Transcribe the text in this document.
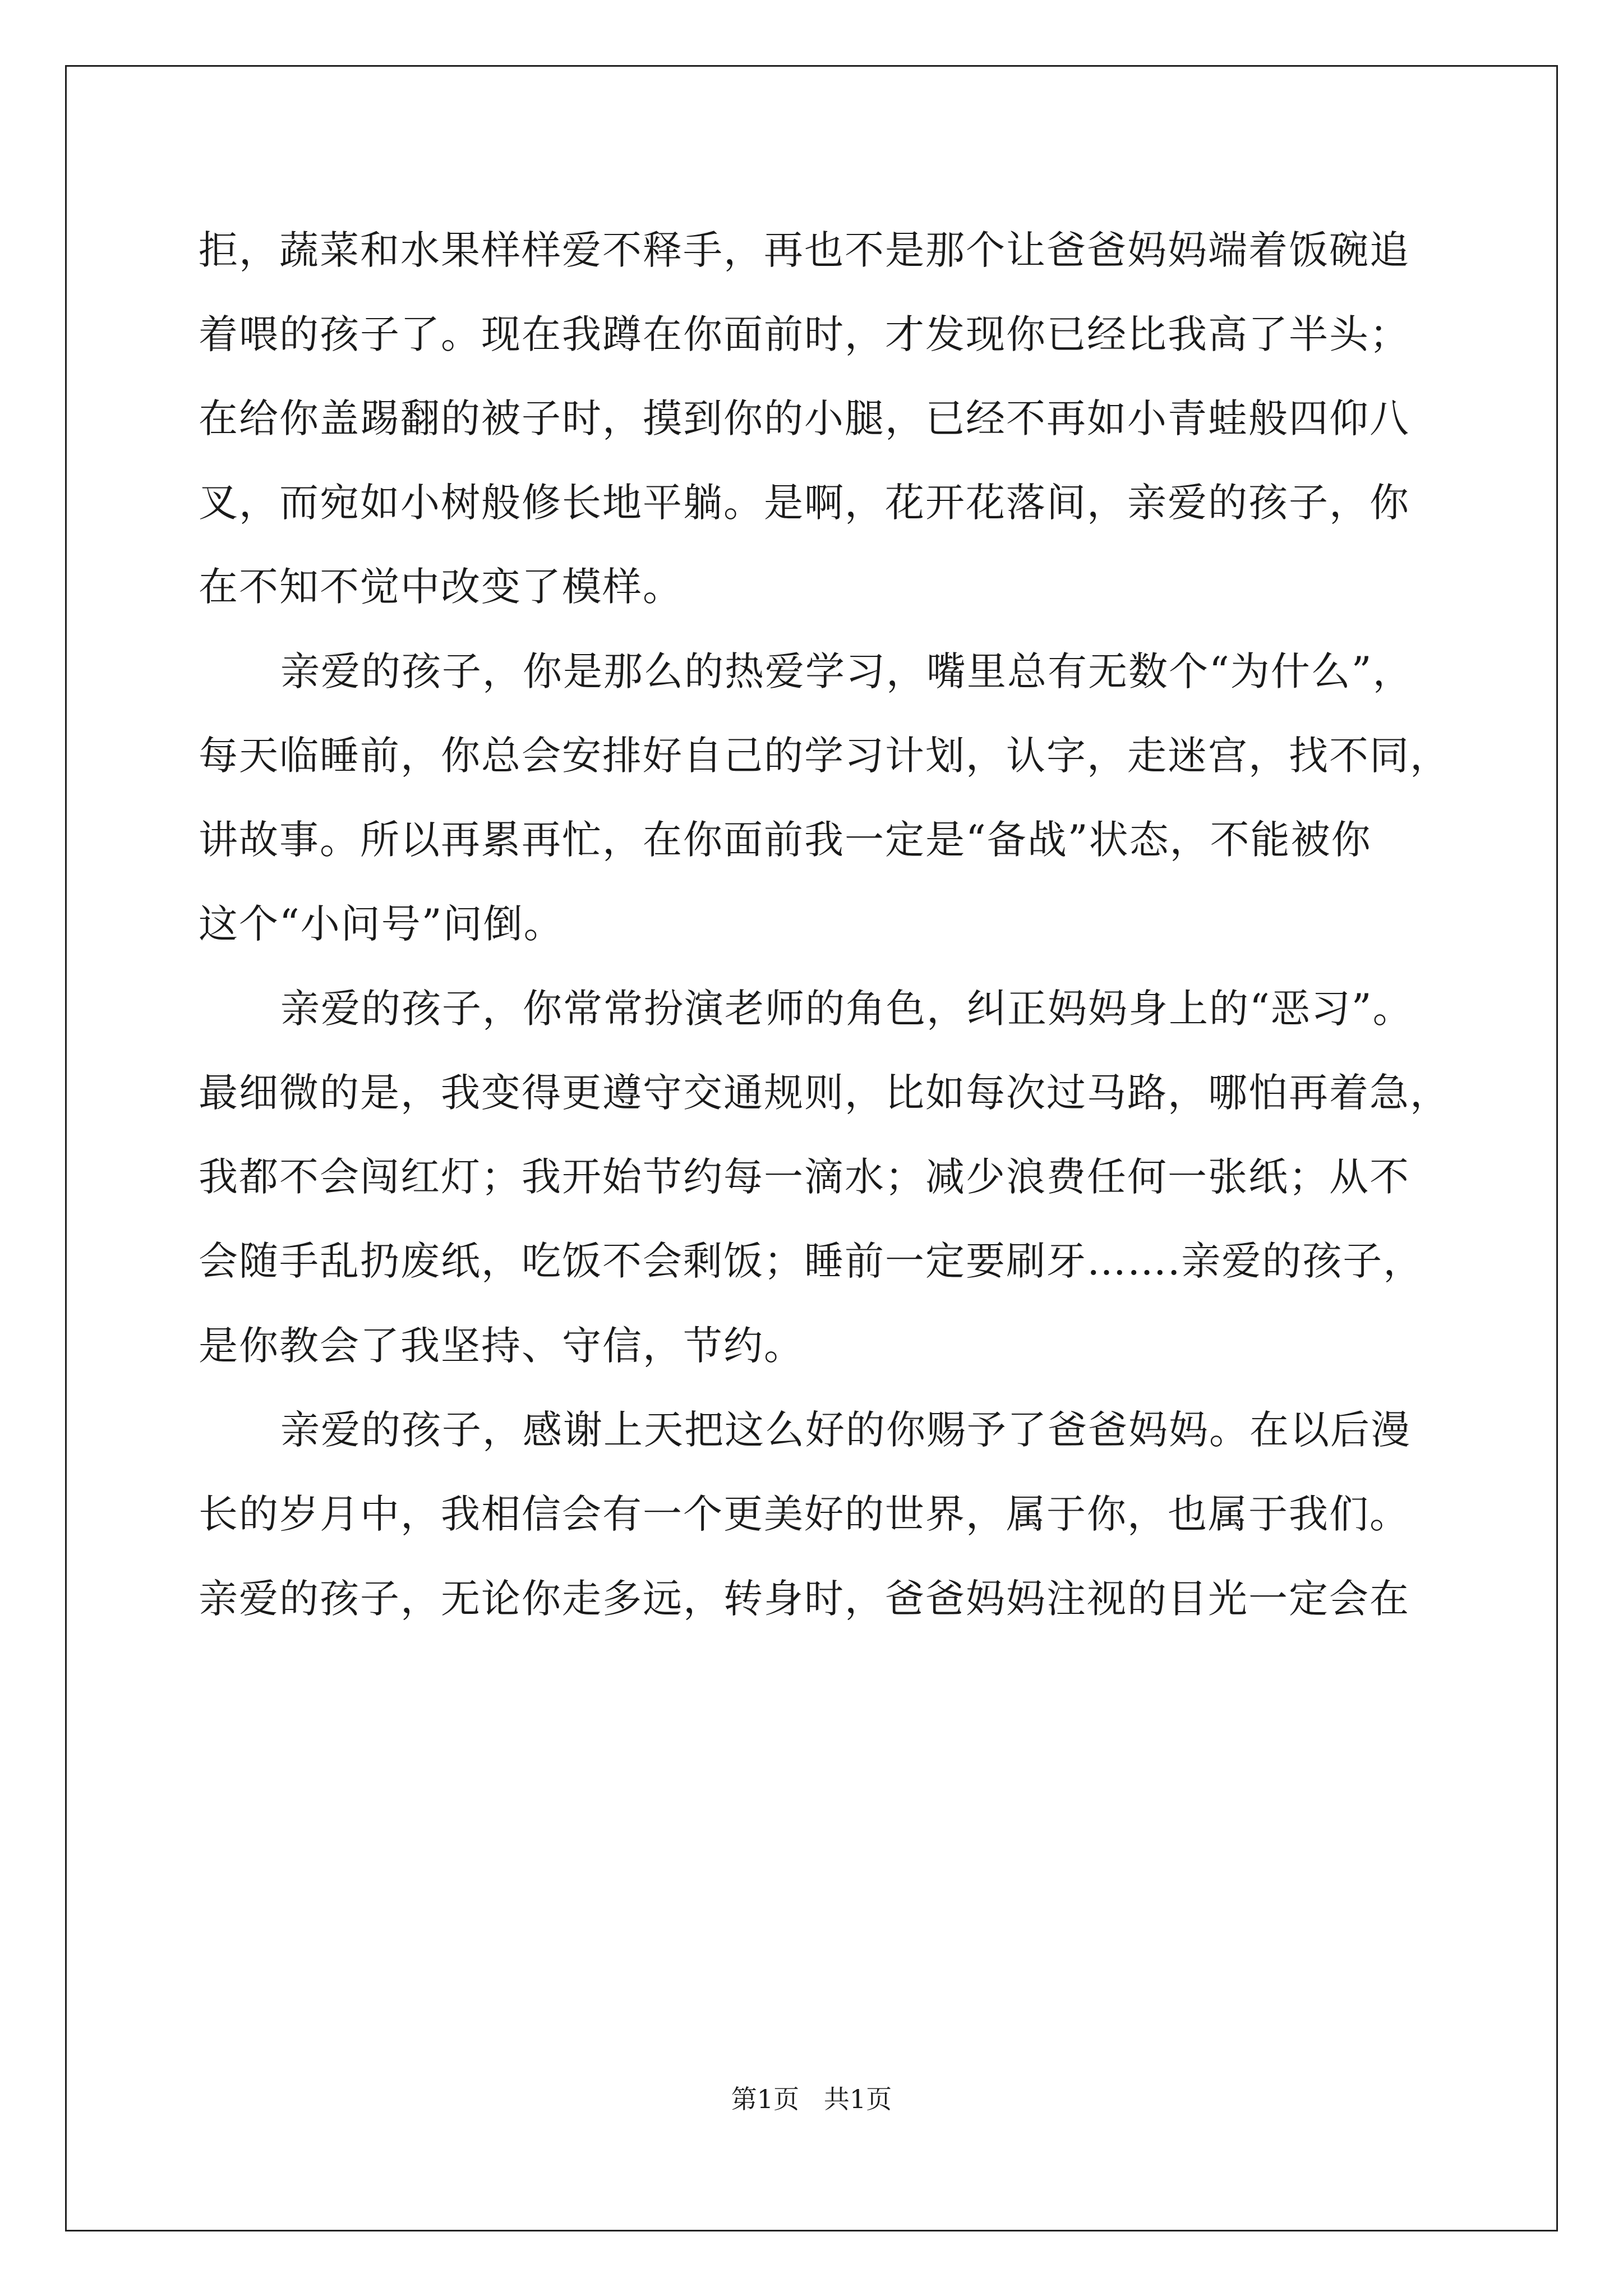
拒，蔬菜和水果样样爱不释手，再也不是那个让爸爸妈妈端着饭碗追
着喂的孩子了。现在我蹲在你面前时，才发现你已经比我高了半头；
在给你盖踢翻的被子时，摸到你的小腿，已经不再如小青蛙般四仰八
叉，而宛如小树般修长地平躺。是啊，花开花落间，亲爱的孩子，你
在不知不觉中改变了模样。
亲爱的孩子，你是那么的热爱学习，嘴里总有无数个“为什么”，
每天临睡前，你总会安排好自己的学习计划，认字，走迷宫，找不同，
讲故事。所以再累再忙，在你面前我一定是“备战”状态，不能被你
这个“小问号”问倒。
亲爱的孩子，你常常扮演老师的角色，纠正妈妈身上的“恶习”。
最细微的是，我变得更遵守交通规则，比如每次过马路，哪怕再着急，
我都不会闯红灯；我开始节约每一滴水；减少浪费任何一张纸；从不
会随手乱扔废纸，吃饭不会剩饭；睡前一定要刷牙…….亲爱的孩子，
是你教会了我坚持、守信，节约。
亲爱的孩子，感谢上天把这么好的你赐予了爸爸妈妈。在以后漫
长的岁月中，我相信会有一个更美好的世界，属于你，也属于我们。
亲爱的孩子，无论你走多远，转身时，爸爸妈妈注视的目光一定会在
第1页   共1页
